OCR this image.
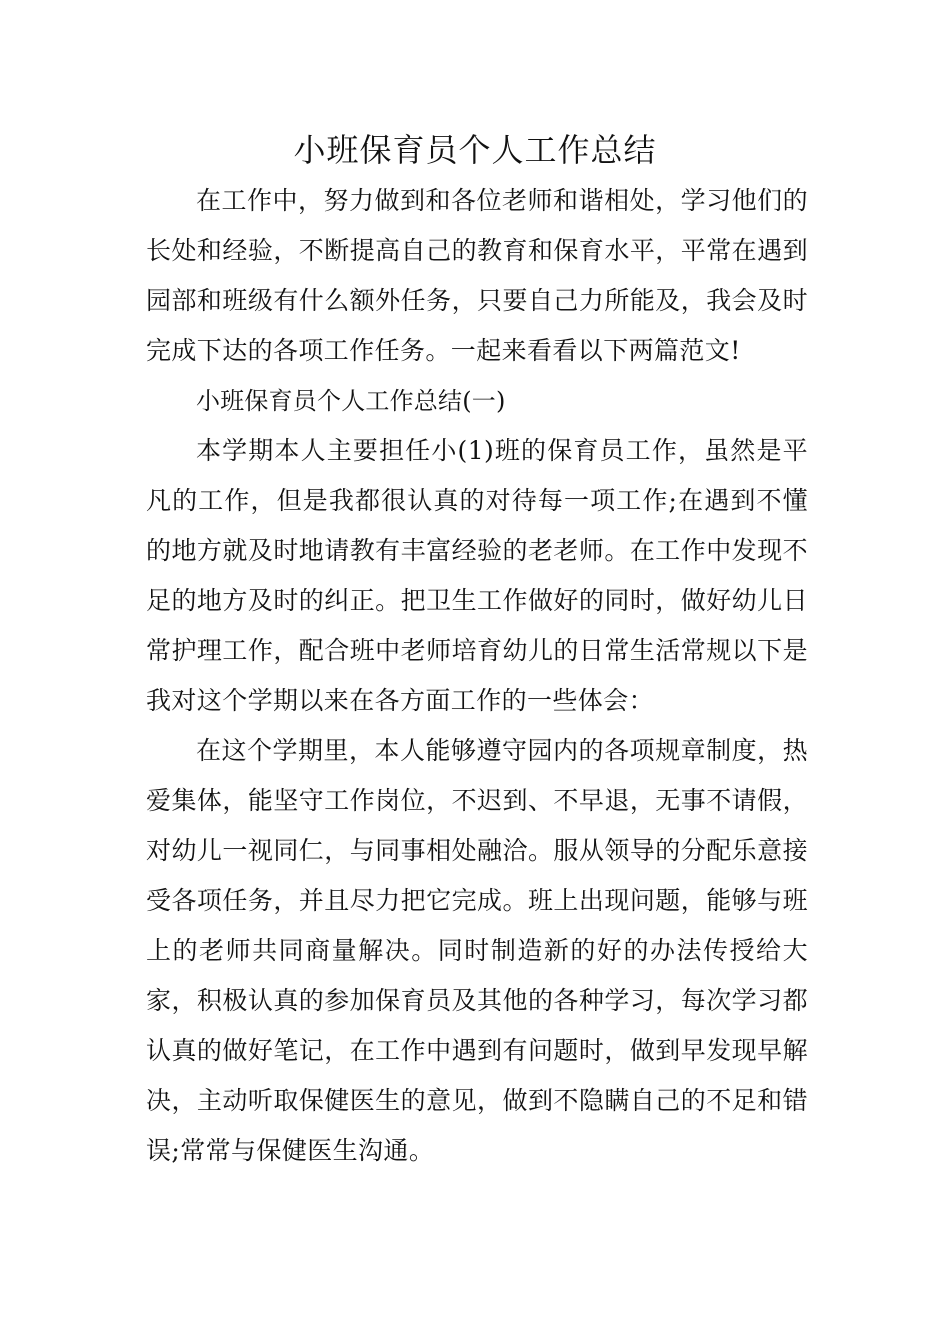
小班保育员个人工作总结

在工作中，努力做到和各位老师和谐相处，学习他们的长处和经验，不断提高自己的教育和保育水平，平常在遇到园部和班级有什么额外任务，只要自己力所能及，我会及时完成下达的各项工作任务。一起来看看以下两篇范文!

小班保育员个人工作总结(一)

本学期本人主要担任小(1)班的保育员工作，虽然是平凡的工作，但是我都很认真的对待每一项工作;在遇到不懂的地方就及时地请教有丰富经验的老老师。在工作中发现不足的地方及时的纠正。把卫生工作做好的同时，做好幼儿日常护理工作，配合班中老师培育幼儿的日常生活常规以下是我对这个学期以来在各方面工作的一些体会：

在这个学期里，本人能够遵守园内的各项规章制度，热爱集体，能坚守工作岗位，不迟到、不早退，无事不请假，对幼儿一视同仁，与同事相处融洽。服从领导的分配乐意接受各项任务，并且尽力把它完成。班上出现问题，能够与班上的老师共同商量解决。同时制造新的好的办法传授给大家，积极认真的参加保育员及其他的各种学习，每次学习都认真的做好笔记，在工作中遇到有问题时，做到早发现早解决，主动听取保健医生的意见，做到不隐瞒自己的不足和错误;常常与保健医生沟通。
